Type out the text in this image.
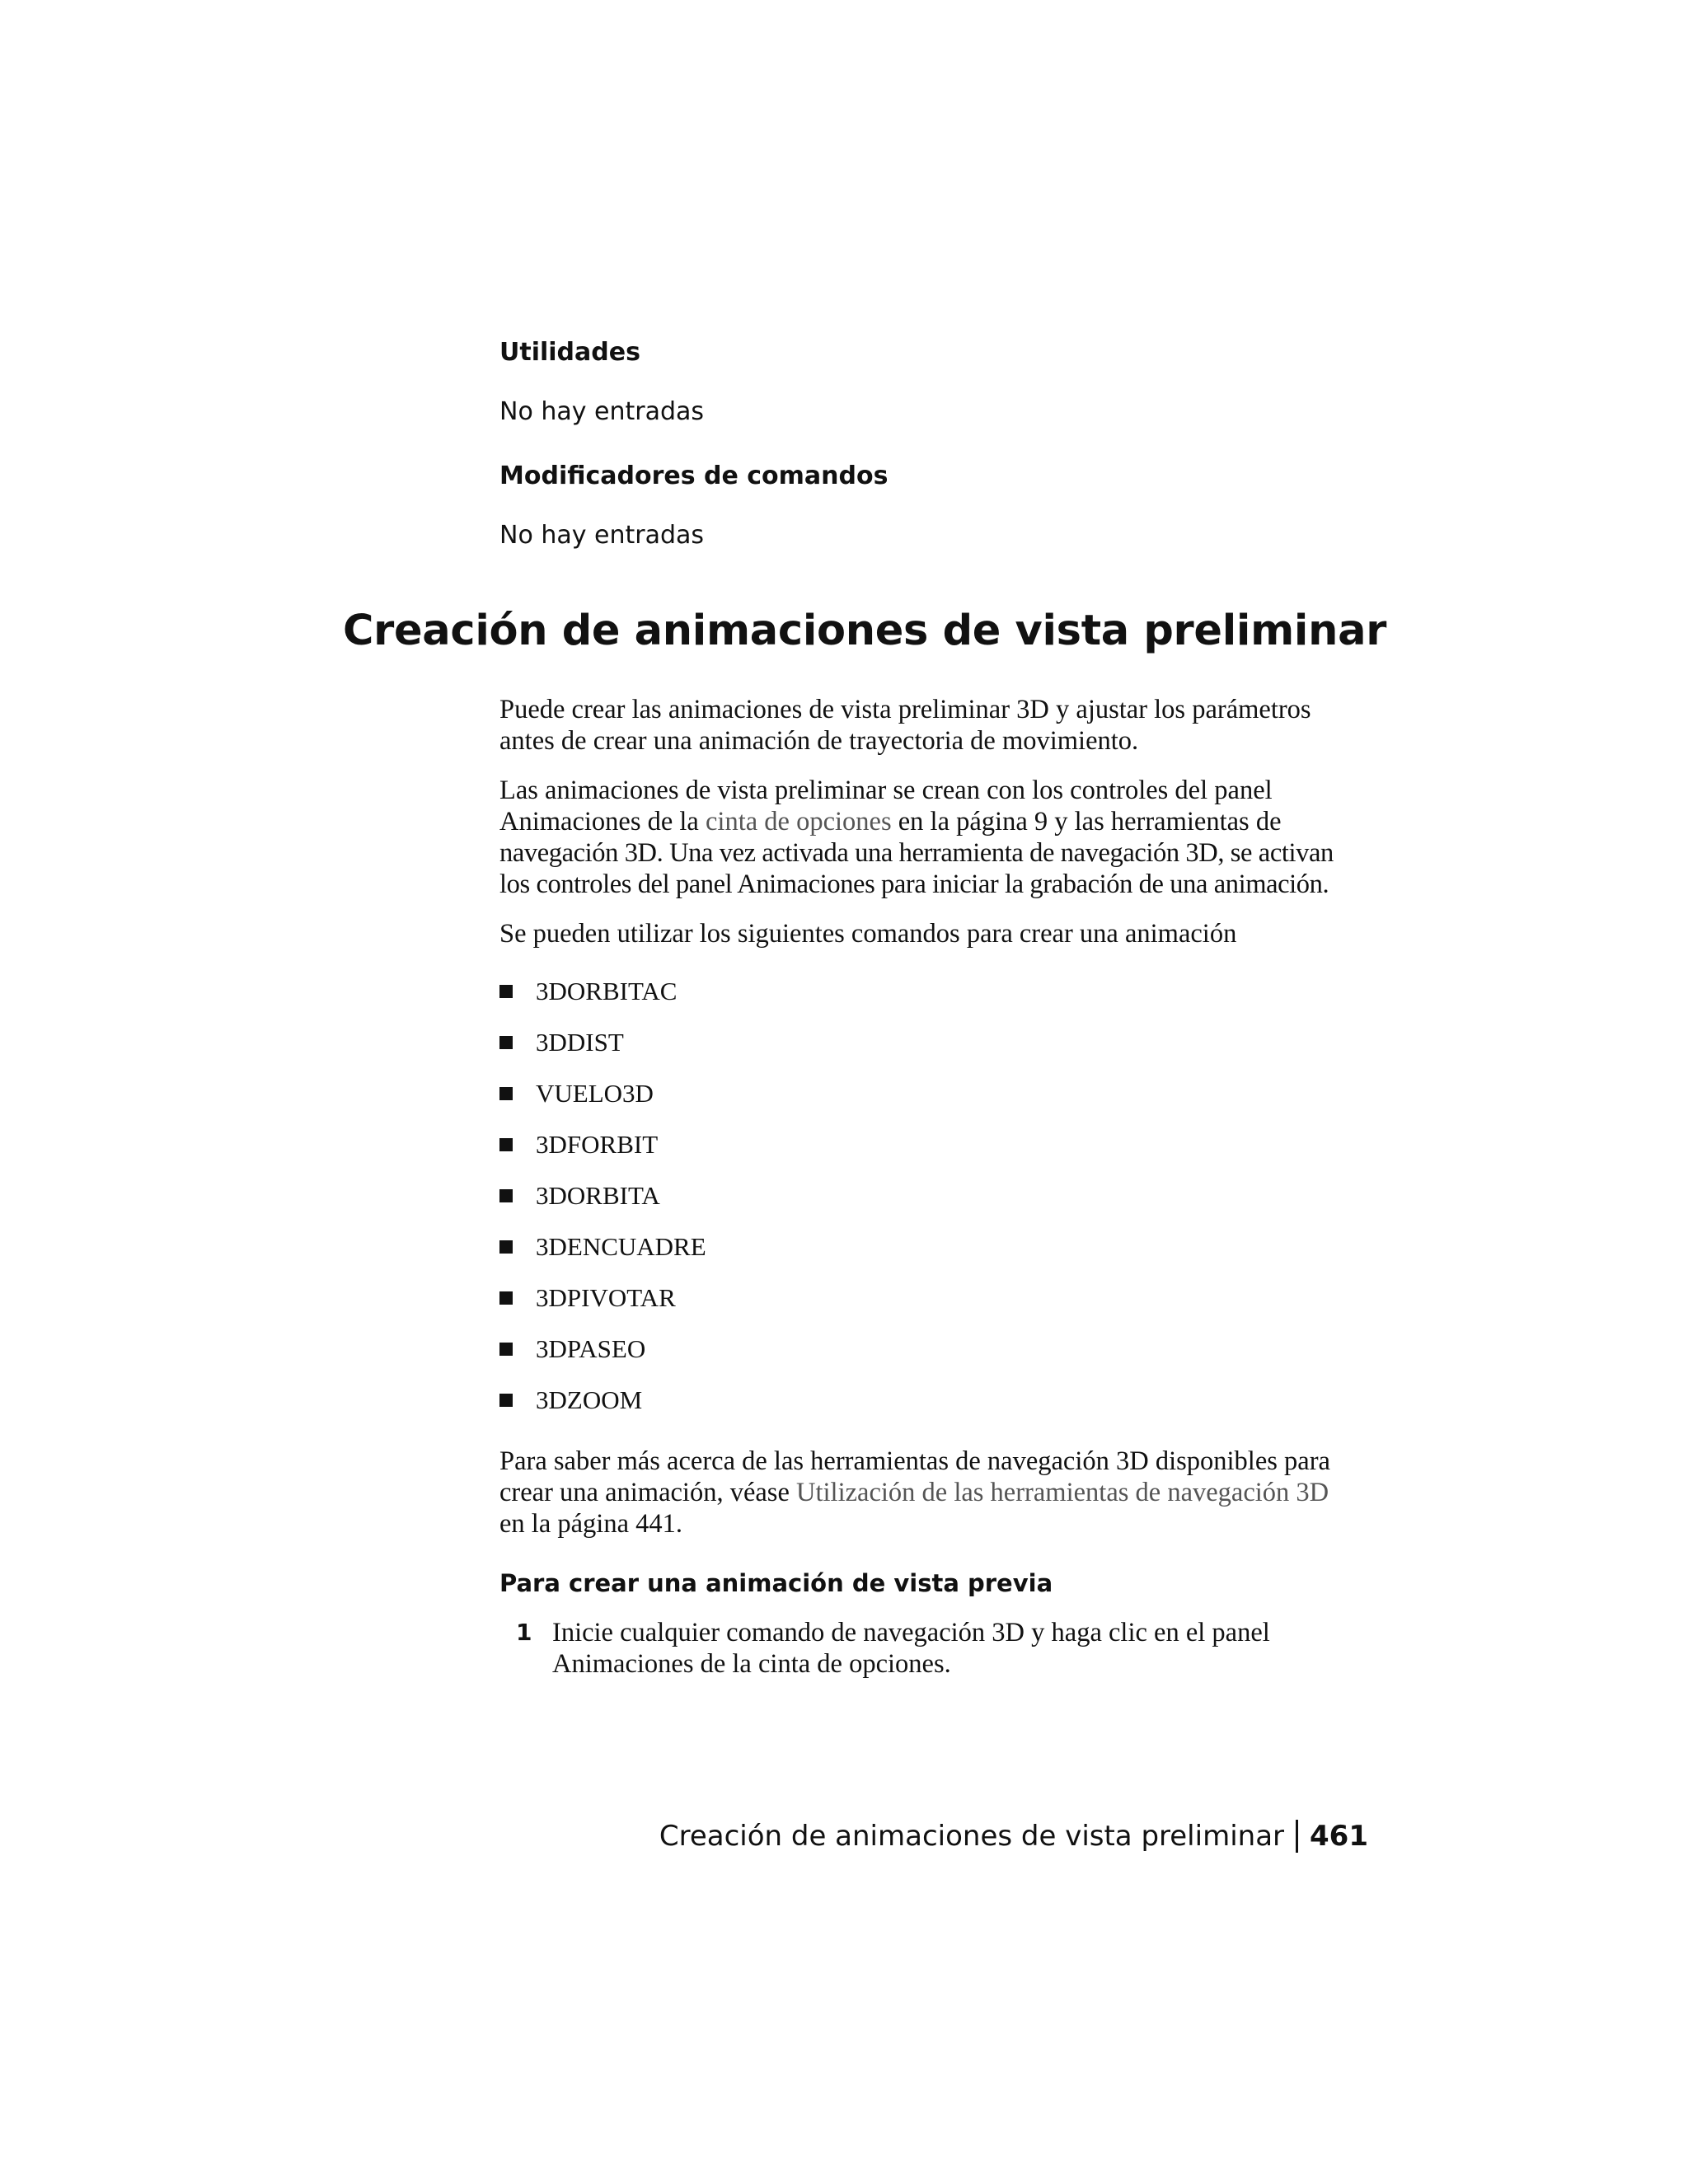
Utilidades

No hay entradas

Modificadores de comandos

No hay entradas

Creación de animaciones de vista preliminar

Puede crear las animaciones de vista preliminar 3D y ajustar los parámetros
antes de crear una animación de trayectoria de movimiento.

Las animaciones de vista preliminar se crean con los controles del panel
Animaciones de la cinta de opciones en la página 9 y las herramientas de
navegación 3D. Una vez activada una herramienta de navegación 3D, se activan
los controles del panel Animaciones para iniciar la grabación de una animación.

Se pueden utilizar los siguientes comandos para crear una animación

3DORBITAC
3DDIST
VUELO3D
3DFORBIT
3DORBITA
3DENCUADRE
3DPIVOTAR
3DPASEO
3DZOOM

Para saber más acerca de las herramientas de navegación 3D disponibles para
crear una animación, véase Utilización de las herramientas de navegación 3D
en la página 441.

Para crear una animación de vista previa

1 Inicie cualquier comando de navegación 3D y haga clic en el panel
Animaciones de la cinta de opciones.
Creación de animaciones de vista preliminar 461
